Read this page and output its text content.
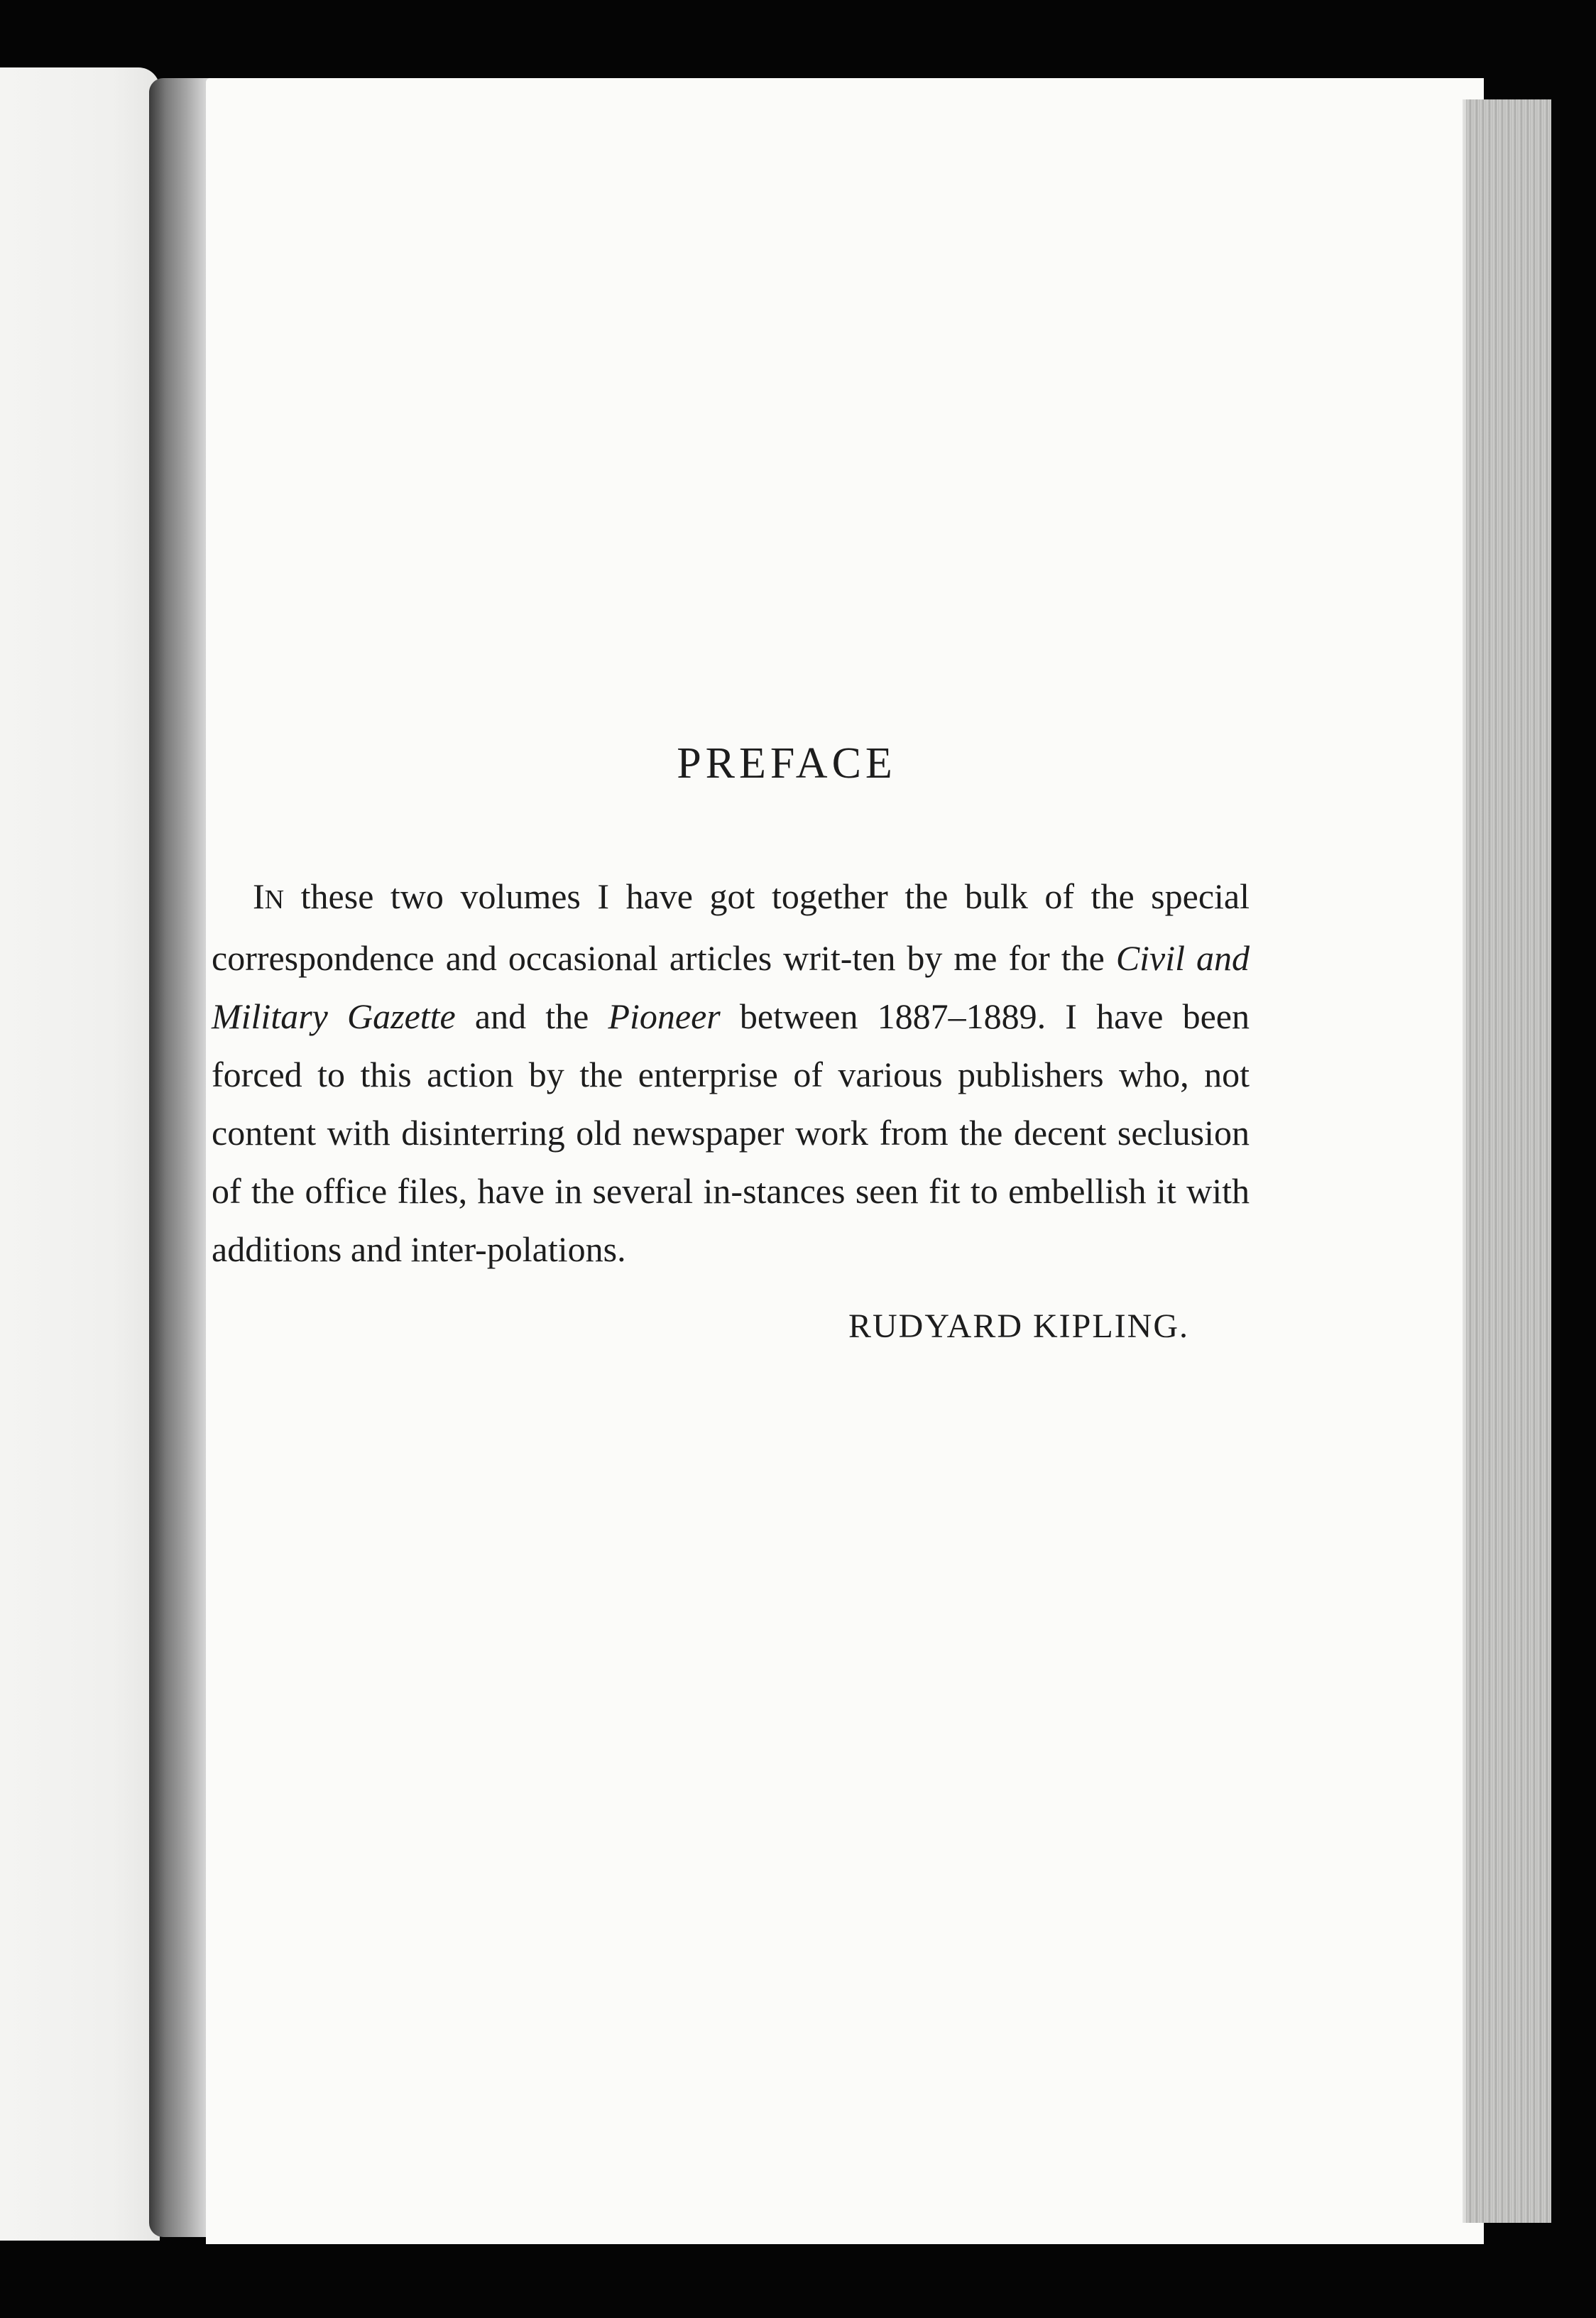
PREFACE

IN these two volumes I have got together the bulk of the special correspondence and occasional articles writ-ten by me for the Civil and Military Gazette and the Pioneer between 1887–1889. I have been forced to this action by the enterprise of various publishers who, not content with disinterring old newspaper work from the decent seclusion of the office files, have in several in-stances seen fit to embellish it with additions and inter-polations.

RUDYARD KIPLING.
